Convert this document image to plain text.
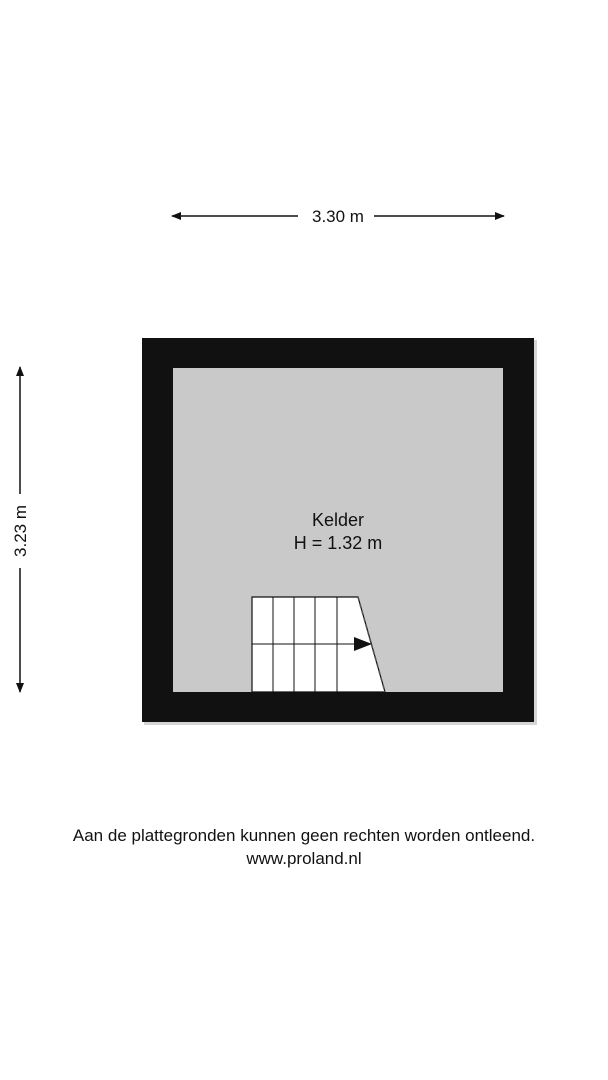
3.30 m
3.23 m	Kelder
H = 1.32 m
Aan de plattegronden kunnen geen rechten worden ontleend.
www.proland.nl
